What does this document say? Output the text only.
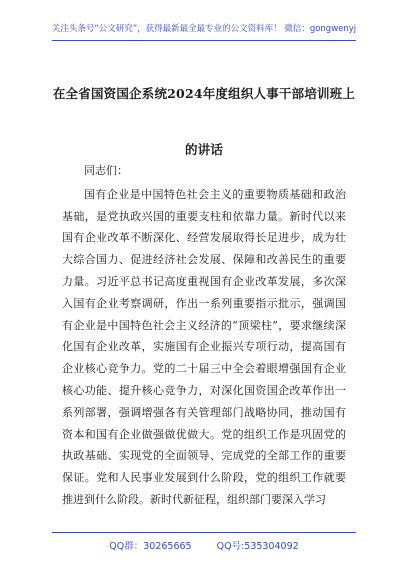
关注头条号“公文研究”，获得最新最全最专业的公文资料库！ 微信：gongwenyj
在全省国资国企系统2024年度组织人事干部培训班上的讲话

同志们：

国有企业是中国特色社会主义的重要物质基础和政治基础，是党执政兴国的重要支柱和依靠力量。新时代以来国有企业改革不断深化、经营发展取得长足进步，成为壮大综合国力、促进经济社会发展、保障和改善民生的重要力量。习近平总书记高度重视国有企业改革发展，多次深入国有企业考察调研，作出一系列重要指示批示，强调国有企业是中国特色社会主义经济的“顶梁柱”，要求继续深化国有企业改革，实施国有企业振兴专项行动，提高国有企业核心竞争力。党的二十届三中全会着眼增强国有企业核心功能、提升核心竞争力，对深化国资国企改革作出一系列部署，强调增强各有关管理部门战略协同，推动国有资本和国有企业做强做优做大。党的组织工作是巩固党的执政基础、实现党的全面领导、完成党的全部工作的重要保证。党和人民事业发展到什么阶段，党的组织工作就要推进到什么阶段。新时代新征程，组织部门要深入学习

QQ群：30265665	QQ号:535304092
